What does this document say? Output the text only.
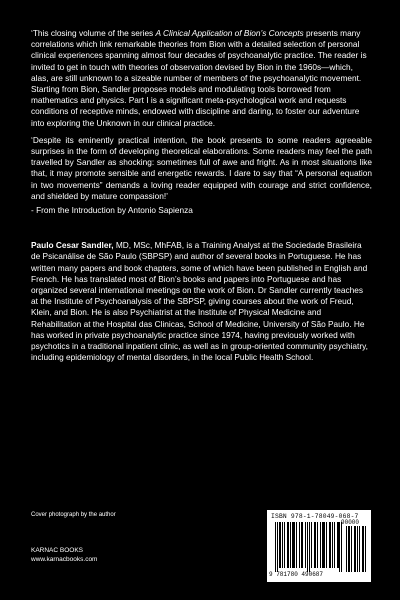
‘This closing volume of the series A Clinical Application of Bion’s Concepts presents many correlations which link remarkable theories from Bion with a detailed selection of personal clinical experiences spanning almost four decades of psychoanalytic practice. The reader is invited to get in touch with theories of observation devised by Bion in the 1960s—which, alas, are still unknown to a sizeable number of members of the psychoanalytic movement. Starting from Bion, Sandler proposes models and modulating tools borrowed from mathematics and physics. Part I is a significant meta-psychological work and requests conditions of receptive minds, endowed with discipline and daring, to foster our adventure into exploring the Unknown in our clinical practice.

‘Despite its eminently practical intention, the book presents to some readers agreeable surprises in the form of developing theoretical elaborations. Some readers may feel the path travelled by Sandler as shocking: sometimes full of awe and fright. As in most situations like that, it may promote sensible and energetic rewards. I dare to say that “A personal equation in two movements” demands a loving reader equipped with courage and strict confidence, and shielded by mature compassion!’

- From the Introduction by Antonio Sapienza

Paulo Cesar Sandler, MD, MSc, MhFAB, is a Training Analyst at the Sociedade Brasileira de Psicanálise de São Paulo (SBPSP) and author of several books in Portuguese. He has written many papers and book chapters, some of which have been published in English and French. He has translated most of Bion’s books and papers into Portuguese and has organized several international meetings on the work of Bion. Dr Sandler currently teaches at the Institute of Psychoanalysis of the SBPSP, giving courses about the work of Freud, Klein, and Bion. He is also Psychiatrist at the Institute of Physical Medicine and Rehabilitation at the Hospital das Clinicas, School of Medicine, University of São Paulo. He has worked in private psychoanalytic practice since 1974, having previously worked with psychotics in a traditional inpatient clinic, as well as in group-oriented community psychiatry, including epidemiology of mental disorders, in the local Public Health School.

Cover photograph by the author
KARNAC BOOKS
www.karnacbooks.com
ISBN 978-1-78049-068-7
9 781780 490687
90000
